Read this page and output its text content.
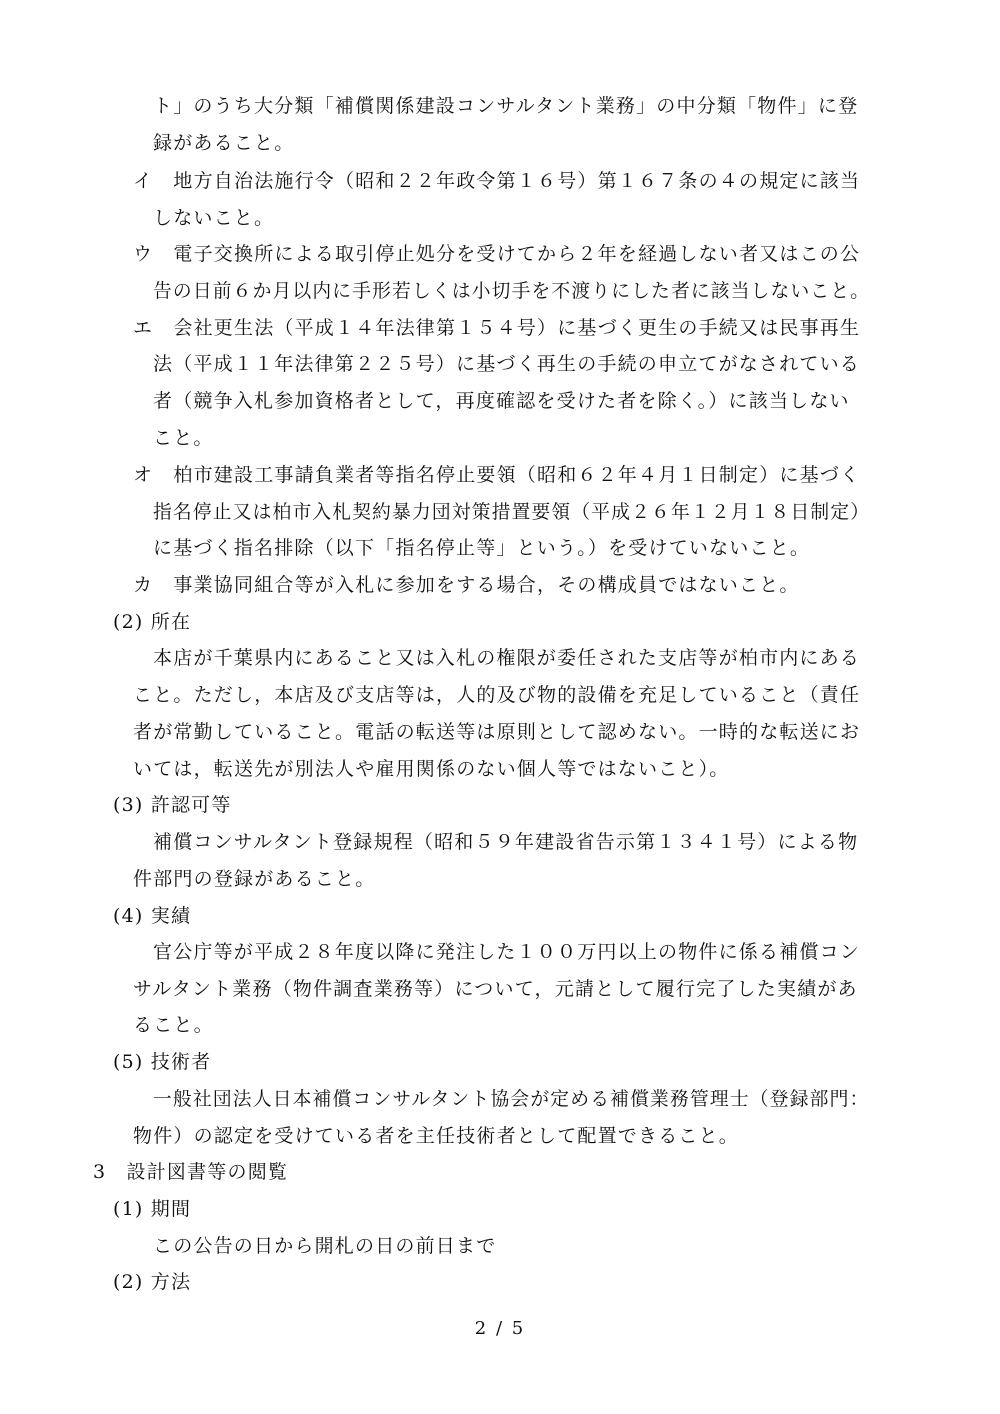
ト」のうち大分類「補償関係建設コンサルタント業務」の中分類「物件」に登
録があること。
イ　地方自治法施行令（昭和２２年政令第１６号）第１６７条の４の規定に該当
しないこと。
ウ　電子交換所による取引停止処分を受けてから２年を経過しない者又はこの公
告の日前６か月以内に手形若しくは小切手を不渡りにした者に該当しないこと。
エ　会社更生法（平成１４年法律第１５４号）に基づく更生の手続又は民事再生
法（平成１１年法律第２２５号）に基づく再生の手続の申立てがなされている
者（競争入札参加資格者として，再度確認を受けた者を除く。）に該当しない
こと。
オ　柏市建設工事請負業者等指名停止要領（昭和６２年４月１日制定）に基づく
指名停止又は柏市入札契約暴力団対策措置要領（平成２６年１２月１８日制定）
に基づく指名排除（以下「指名停止等」という。）を受けていないこと。
カ　事業協同組合等が入札に参加をする場合，その構成員ではないこと。
(2) 所在
本店が千葉県内にあること又は入札の権限が委任された支店等が柏市内にある
こと。ただし，本店及び支店等は，人的及び物的設備を充足していること（責任
者が常勤していること。電話の転送等は原則として認めない。一時的な転送にお
いては，転送先が別法人や雇用関係のない個人等ではないこと）。
(3) 許認可等
補償コンサルタント登録規程（昭和５９年建設省告示第１３４１号）による物
件部門の登録があること。
(4) 実績
官公庁等が平成２８年度以降に発注した１００万円以上の物件に係る補償コン
サルタント業務（物件調査業務等）について，元請として履行完了した実績があ
ること。
(5) 技術者
一般社団法人日本補償コンサルタント協会が定める補償業務管理士（登録部門：
物件）の認定を受けている者を主任技術者として配置できること。
3　設計図書等の閲覧
(1) 期間
この公告の日から開札の日の前日まで
(2) 方法
2 / 5
